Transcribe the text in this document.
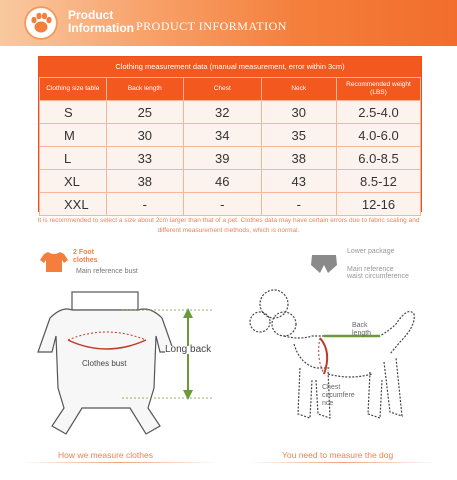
Product
Information PRODUCT INFORMATION
Clothing measurement data (manual measurement, error within 3cm)				
Clothing size table	Back length	Chest	Neck	Recommended weight (LBS)
S	25	32	30	2.5-4.0
M	30	34	35	4.0-6.0
L	33	39	38	6.0-8.5
XL	38	46	43	8.5-12
XXL	-	-	-	12-16
It is recommended to select a size about 2cm larger than that of a pet. Clothes data may have certain errors due to fabric scaling and
different measurement methods, which is normal.
2 Foot clothes
Main reference bust
Clothes bust
Long back
Lower package
Main reference
waist circumference
Back
length
Chest
circumfere
nce
How we measure clothes	You need to measure the dog
